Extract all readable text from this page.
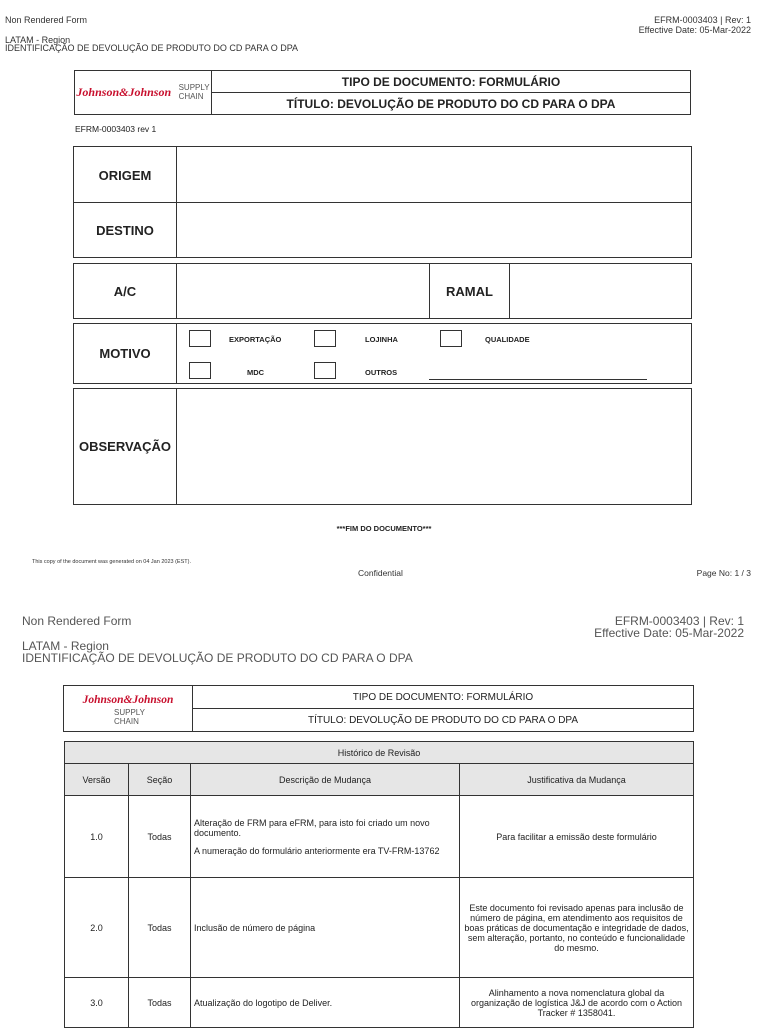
Non Rendered Form	EFRM-0003403 | Rev: 1
Effective Date: 05-Mar-2022
LATAM - Region
IDENTIFICAÇÃO DE DEVOLUÇÃO DE PRODUTO DO CD PARA O DPA
Johnson&Johnson SUPPLY
CHAIN
	TIPO DE DOCUMENTO: FORMULÁRIO
TÍTULO: DEVOLUÇÃO DE PRODUTO DO CD PARA O DPA
EFRM-0003403 rev 1
ORIGEM
DESTINO
A/C	RAMAL
MOTIVO
EXPORTAÇÃO	LOJINHA	QUALIDADE
MDC	OUTROS
OBSERVAÇÃO
***FIM DO DOCUMENTO***
This copy of the document was generated on 04 Jan 2023 (EST).
Confidential	Page No: 1 / 3
Non Rendered Form	EFRM-0003403 | Rev: 1
Effective Date: 05-Mar-2022
LATAM - Region
IDENTIFICAÇÃO DE DEVOLUÇÃO DE PRODUTO DO CD PARA O DPA
Johnson&Johnson
SUPPLY
CHAIN
	TIPO DE DOCUMENTO: FORMULÁRIO
TÍTULO: DEVOLUÇÃO DE PRODUTO DO CD PARA O DPA
Histórico de Revisão			
Versão	Seção	Descrição de Mudança	Justificativa da Mudança
1.0	Todas	Alteração de FRM para eFRM, para isto foi criado um novo documento.
A numeração do formulário anteriormente era TV-FRM-13762	Para facilitar a emissão deste formulário
2.0	Todas	Inclusão de número de página	Este documento foi revisado apenas para inclusão de número de página, em atendimento aos requisitos de boas práticas de documentação e integridade de dados, sem alteração, portanto, no conteúdo e funcionalidade do mesmo.
3.0	Todas	Atualização do logotipo de Deliver.	Alinhamento a nova nomenclatura global da organização de logística J&J de acordo com o Action Tracker # 1358041.
